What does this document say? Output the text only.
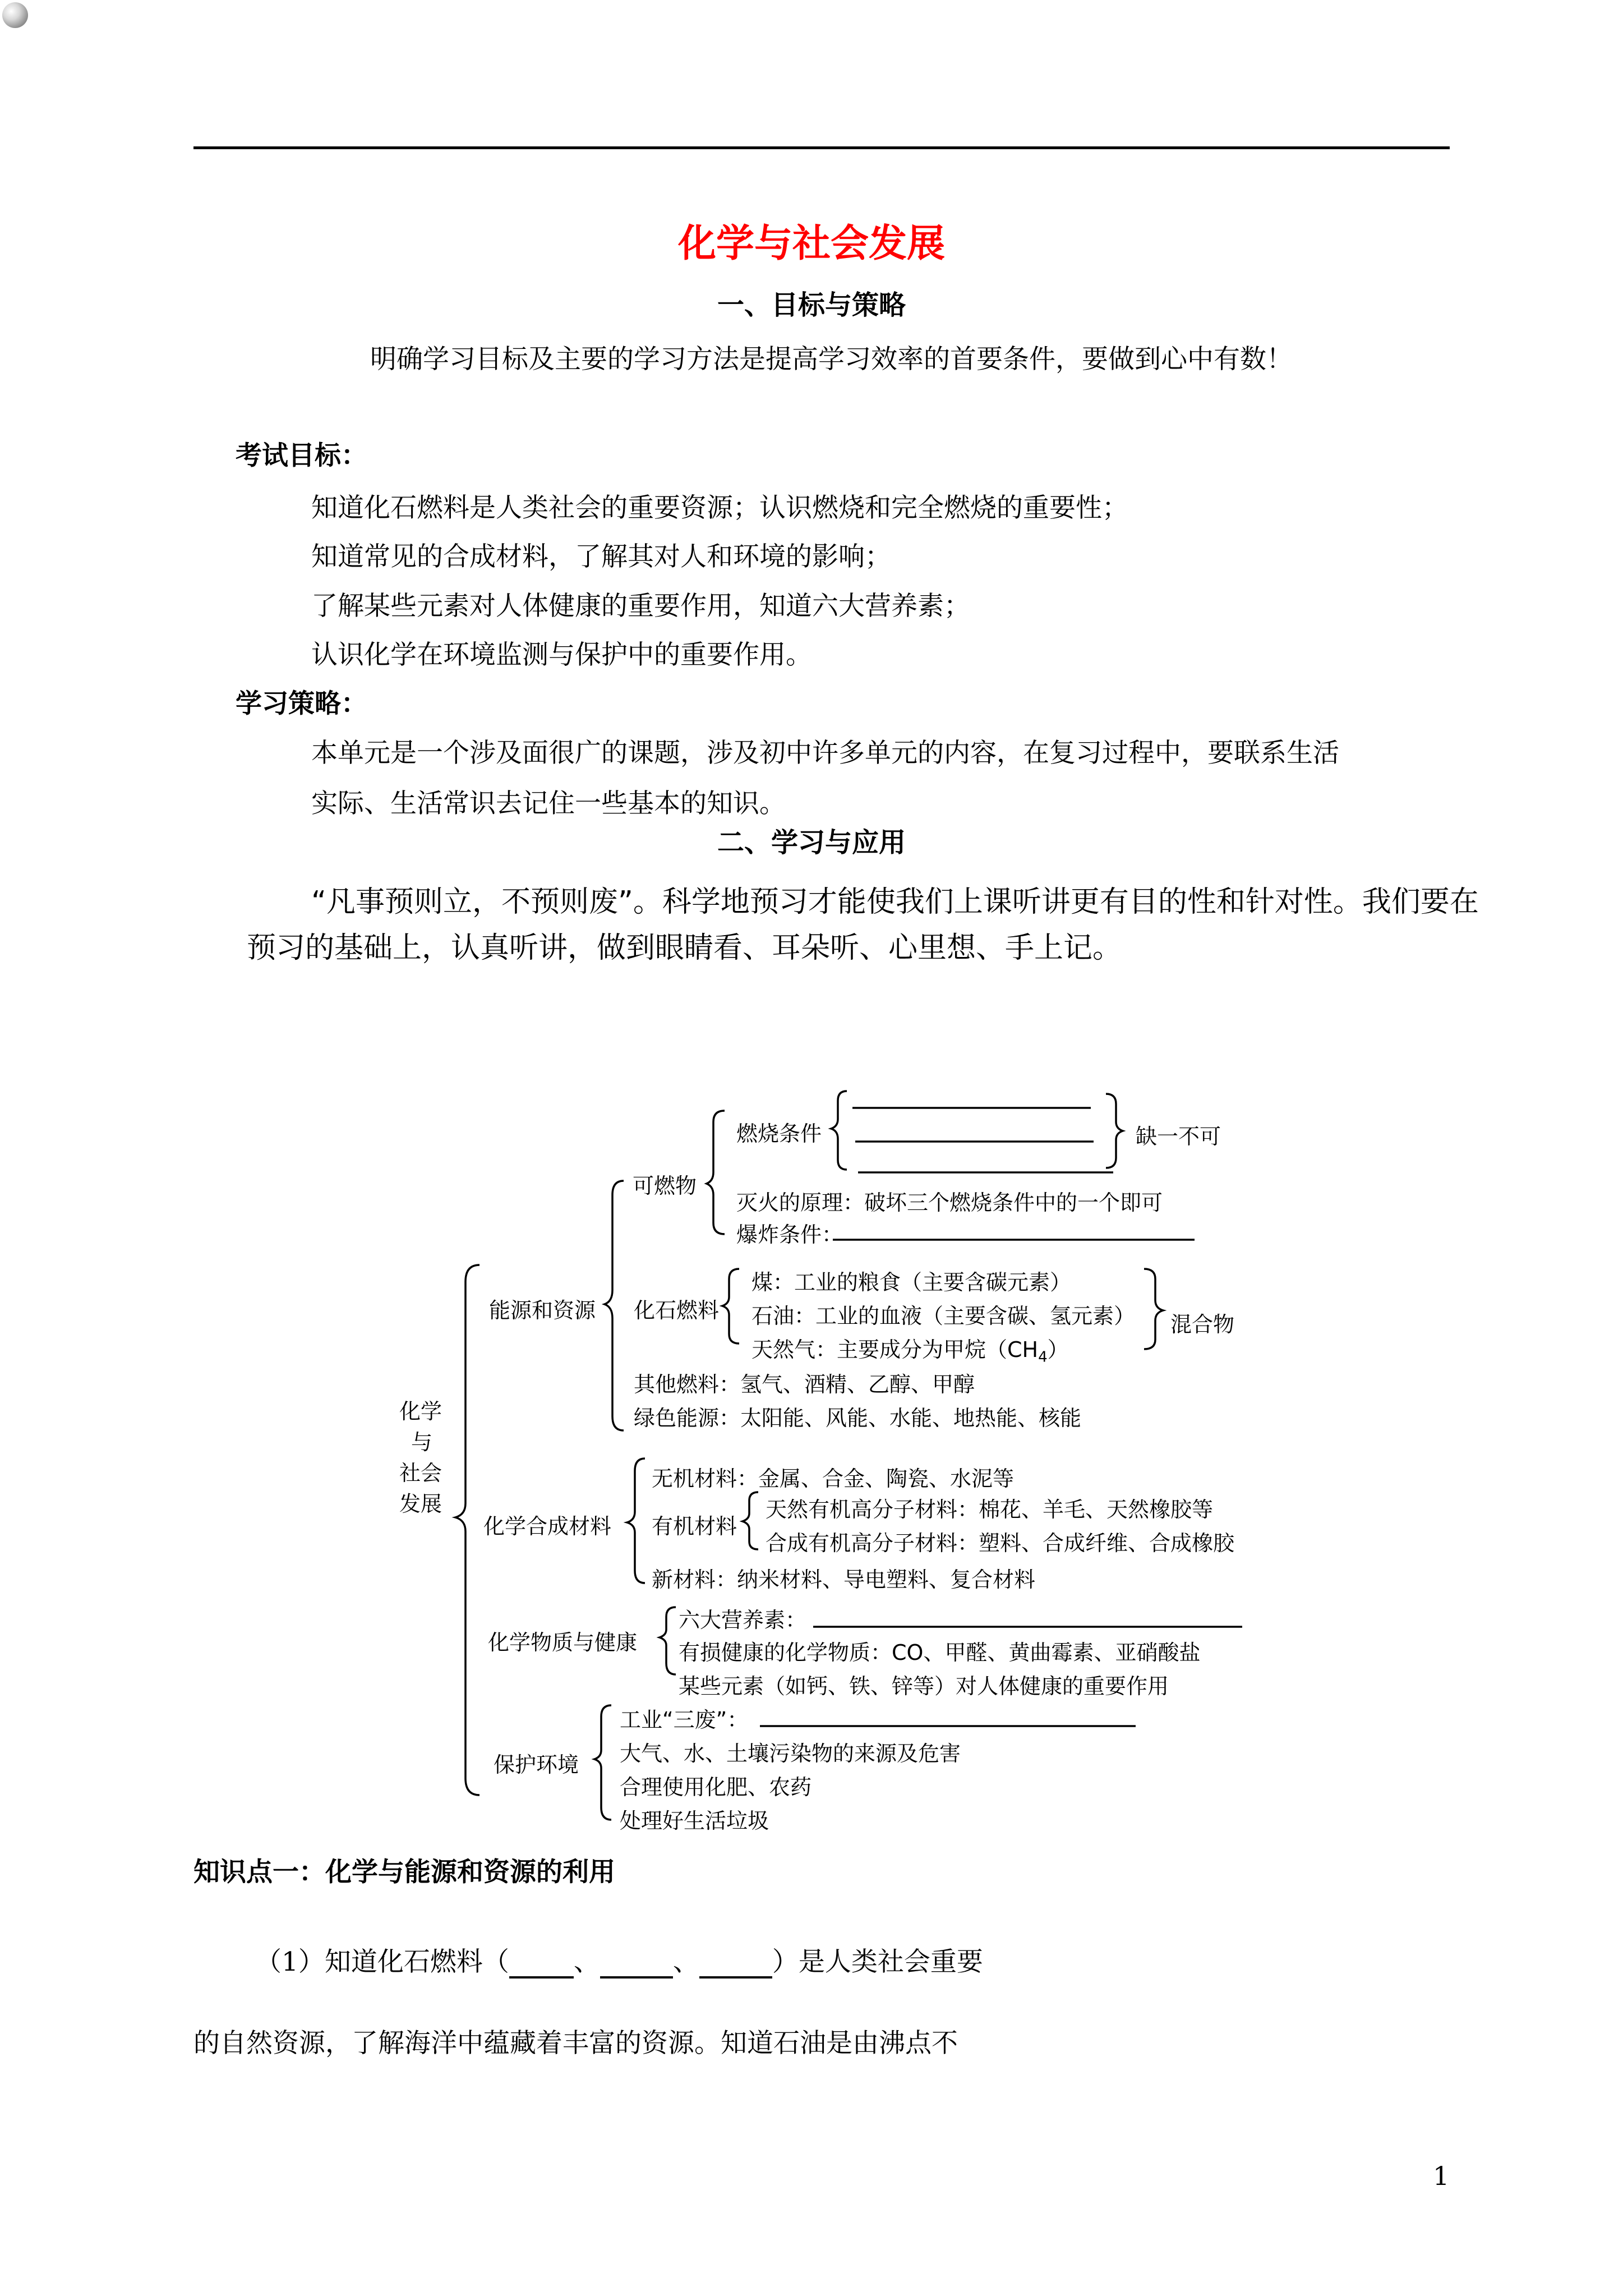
化学与社会发展
一、目标与策略
明确学习目标及主要的学习方法是提高学习效率的首要条件，要做到心中有数！
考试目标：
知道化石燃料是人类社会的重要资源；认识燃烧和完全燃烧的重要性；
知道常见的合成材料，了解其对人和环境的影响；
了解某些元素对人体健康的重要作用，知道六大营养素；
认识化学在环境监测与保护中的重要作用。
学习策略：
本单元是一个涉及面很广的课题，涉及初中许多单元的内容，在复习过程中，要联系生活
实际、生活常识去记住一些基本的知识。
二、学习与应用
“凡事预则立，不预则废”。科学地预习才能使我们上课听讲更有目的性和针对性。我们要在
预习的基础上，认真听讲，做到眼睛看、耳朵听、心里想、手上记。
化学
与
社会
发展
能源和资源
可燃物
燃烧条件	缺一不可
灭火的原理：破坏三个燃烧条件中的一个即可
爆炸条件：
化石燃料
煤：工业的粮食（主要含碳元素）
石油：工业的血液（主要含碳、氢元素）
天然气：主要成分为甲烷$(CH_4)$
混合物
其他燃料：氢气、酒精、乙醇、甲醇
绿色能源：太阳能、风能、水能、地热能、核能
化学合成材料
无机材料：金属、合金、陶瓷、水泥等
有机材料
天然有机高分子材料：棉花、羊毛、天然橡胶等
合成有机高分子材料：塑料、合成纤维、合成橡胶
新材料：纳米材料、导电塑料、复合材料
化学物质与健康
六大营养素：
有损健康的化学物质：CO、甲醛、黄曲霉素、亚硝酸盐
某些元素（如钙、铁、锌等）对人体健康的重要作用
保护环境
工业“三废”：
大气、水、土壤污染物的来源及危害
合理使用化肥、农药
处理好生活垃圾
知识点一：化学与能源和资源的利用
（1）知道化石燃料（ 、	、	）是人类社会重要
的自然资源，了解海洋中蕴藏着丰富的资源。知道石油是由沸点不
1
